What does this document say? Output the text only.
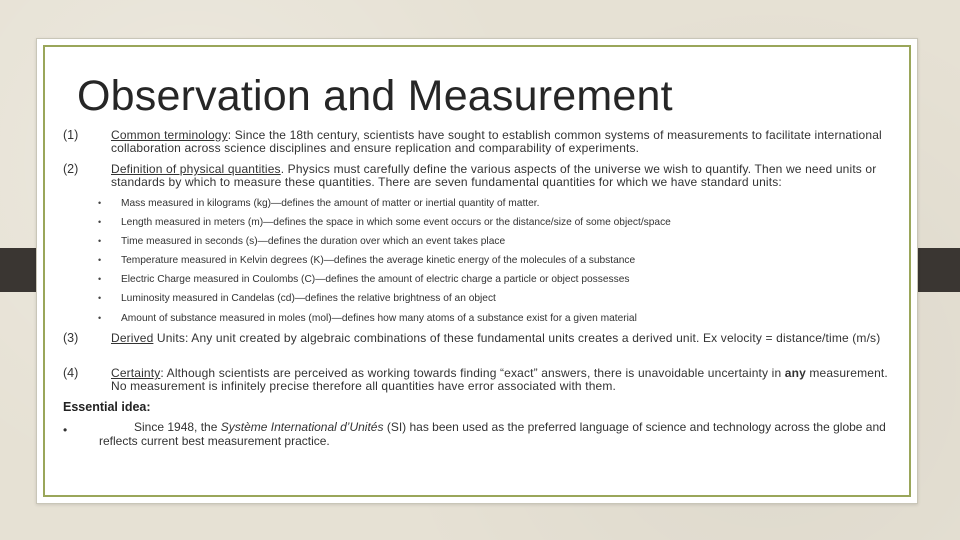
Observation and Measurement
(1)	Common terminology: Since the 18th century, scientists have sought to establish common systems of measurements to facilitate international collaboration across science disciplines and ensure replication and comparability of experiments.
(2)	Definition of physical quantities. Physics must carefully define the various aspects of the universe we wish to quantify. Then we need units or standards by which to measure these quantities. There are seven fundamental quantities for which we have standard units:
• Mass measured in kilograms (kg)—defines the amount of matter or inertial quantity of matter.
• Length measured in meters (m)—defines the space in which some event occurs or the distance/size of some object/space
• Time measured in seconds (s)—defines the duration over which an event takes place
• Temperature measured in Kelvin degrees (K)—defines the average kinetic energy of the molecules of a substance
• Electric Charge measured in Coulombs (C)—defines the amount of electric charge a particle or object possesses
• Luminosity measured in Candelas (cd)—defines the relative brightness of an object
• Amount of substance measured in moles (mol)—defines how many atoms of a substance exist for a given material
(3)	Derived Units: Any unit created by algebraic combinations of these fundamental units creates a derived unit. Ex velocity = distance/time (m/s)
(4)	Certainty: Although scientists are perceived as working towards finding “exact” answers, there is unavoidable uncertainty in any measurement. No measurement is infinitely precise therefore all quantities have error associated with them.
Essential idea:
•	Since 1948, the Système International d’Unités (SI) has been used as the preferred language of science and technology across the globe and reflects current best measurement practice.
